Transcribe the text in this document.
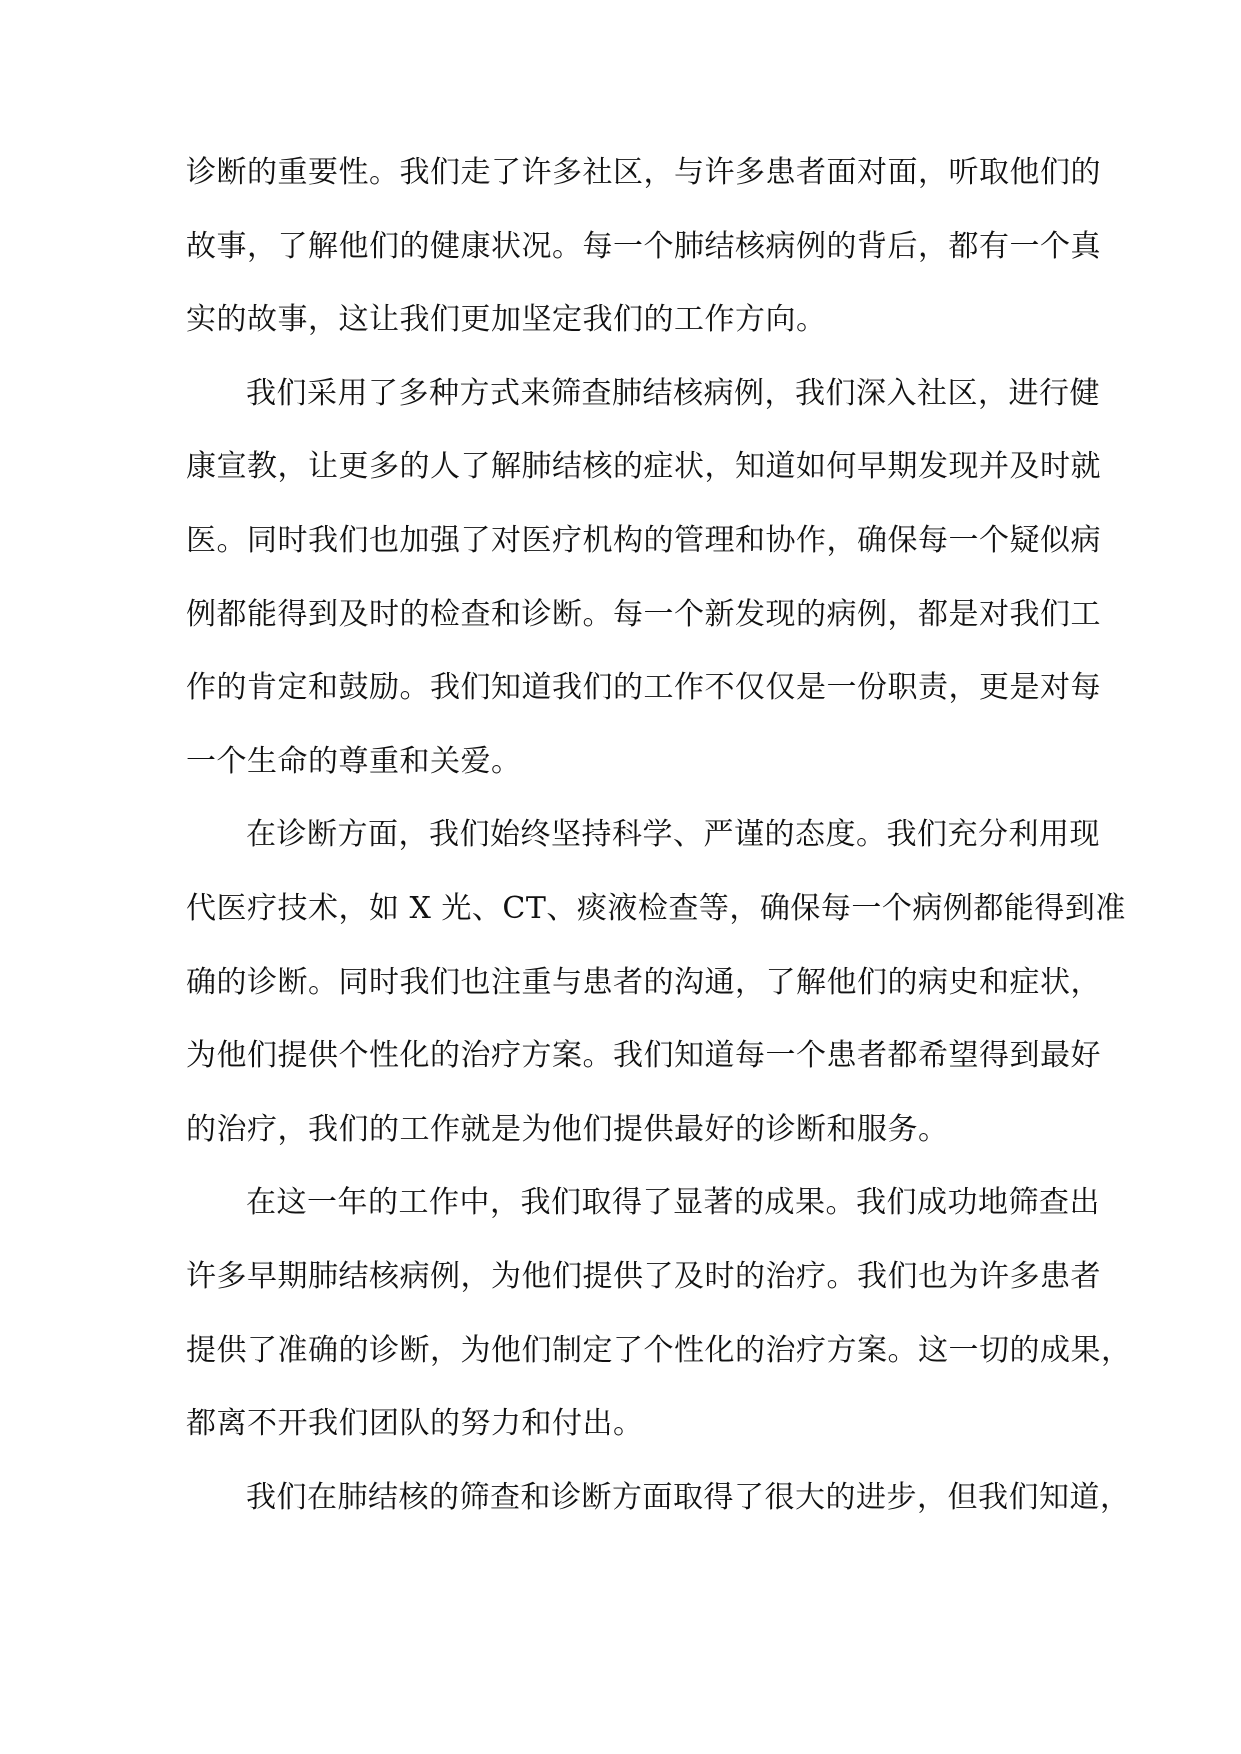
诊断的重要性。我们走了许多社区，与许多患者面对面，听取他们的
故事，了解他们的健康状况。每一个肺结核病例的背后，都有一个真
实的故事，这让我们更加坚定我们的工作方向。
我们采用了多种方式来筛查肺结核病例，我们深入社区，进行健
康宣教，让更多的人了解肺结核的症状，知道如何早期发现并及时就
医。同时我们也加强了对医疗机构的管理和协作，确保每一个疑似病
例都能得到及时的检查和诊断。每一个新发现的病例，都是对我们工
作的肯定和鼓励。我们知道我们的工作不仅仅是一份职责，更是对每
一个生命的尊重和关爱。
在诊断方面，我们始终坚持科学、严谨的态度。我们充分利用现
代医疗技术，如 X 光、CT、痰液检查等，确保每一个病例都能得到准
确的诊断。同时我们也注重与患者的沟通，了解他们的病史和症状，
为他们提供个性化的治疗方案。我们知道每一个患者都希望得到最好
的治疗，我们的工作就是为他们提供最好的诊断和服务。
在这一年的工作中，我们取得了显著的成果。我们成功地筛查出
许多早期肺结核病例，为他们提供了及时的治疗。我们也为许多患者
提供了准确的诊断，为他们制定了个性化的治疗方案。这一切的成果，
都离不开我们团队的努力和付出。
我们在肺结核的筛查和诊断方面取得了很大的进步，但我们知道，
